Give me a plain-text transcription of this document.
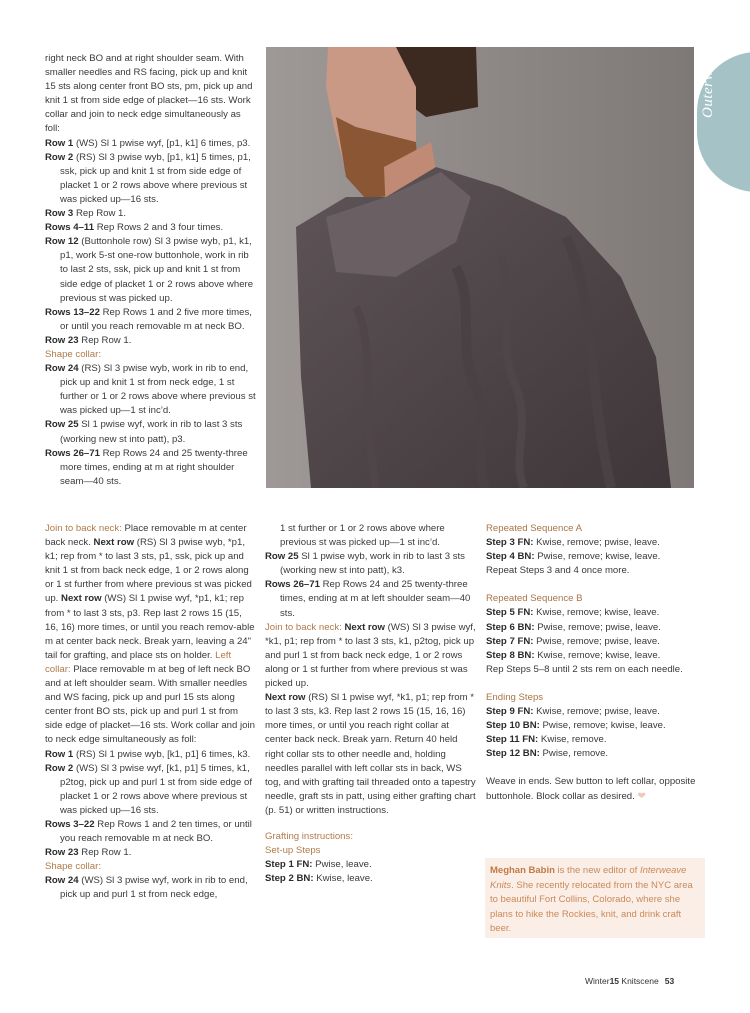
Outerwear

right neck BO and at right shoulder seam. With smaller needles and RS facing, pick up and knit 15 sts along center front BO sts, pm, pick up and knit 1 st from side edge of placket—16 sts. Work collar and join to neck edge simultaneously as foll:

Row 1 (WS) Sl 1 pwise wyf, [p1, k1] 6 times, p3.

Row 2 (RS) Sl 3 pwise wyb, [p1, k1] 5 times, p1, ssk, pick up and knit 1 st from side edge of placket 1 or 2 rows above where previous st was picked up—16 sts.

Row 3 Rep Row 1.

Rows 4–11 Rep Rows 2 and 3 four times.

Row 12 (Buttonhole row) Sl 3 pwise wyb, p1, k1, p1, work 5-st one-row buttonhole, work in rib to last 2 sts, ssk, pick up and knit 1 st from side edge of placket 1 or 2 rows above where previous st was picked up.

Rows 13–22 Rep Rows 1 and 2 five more times, or until you reach removable m at neck BO.

Row 23 Rep Row 1.

Shape collar:

Row 24 (RS) Sl 3 pwise wyb, work in rib to end, pick up and knit 1 st from neck edge, 1 st further or 1 or 2 rows above where previous st was picked up—1 st inc’d.

Row 25 Sl 1 pwise wyf, work in rib to last 3 sts (working new st into patt), p3.

Rows 26–71 Rep Rows 24 and 25 twenty-three more times, ending at m at right shoulder seam—40 sts.

Join to back neck: Place removable m at center back neck. Next row (RS) Sl 3 pwise wyb, *p1, k1; rep from * to last 3 sts, p1, ssk, pick up and knit 1 st from back neck edge, 1 or 2 rows along or 1 st further from where previous st was picked up. Next row (WS) Sl 1 pwise wyf, *p1, k1; rep from * to last 3 sts, p3. Rep last 2 rows 15 (15, 16, 16) more times, or until you reach remov-able m at center back neck. Break yarn, leaving a 24" tail for grafting, and place sts on holder. Left collar: Place removable m at beg of left neck BO and at left shoulder seam. With smaller needles and WS facing, pick up and purl 15 sts along center front BO sts, pick up and purl 1 st from side edge of placket—16 sts. Work collar and join to neck edge simultaneously as foll:

Row 1 (RS) Sl 1 pwise wyb, [k1, p1] 6 times, k3.

Row 2 (WS) Sl 3 pwise wyf, [k1, p1] 5 times, k1, p2tog, pick up and purl 1 st from side edge of placket 1 or 2 rows above where previous st was picked up—16 sts.

Rows 3–22 Rep Rows 1 and 2 ten times, or until you reach removable m at neck BO.

Row 23 Rep Row 1.

Shape collar:

Row 24 (WS) Sl 3 pwise wyf, work in rib to end, pick up and purl 1 st from neck edge,

1 st further or 1 or 2 rows above where previous st was picked up—1 st inc’d.

Row 25 Sl 1 pwise wyb, work in rib to last 3 sts (working new st into patt), k3.

Rows 26–71 Rep Rows 24 and 25 twenty-three times, ending at m at left shoulder seam—40 sts.

Join to back neck: Next row (WS) Sl 3 pwise wyf, *k1, p1; rep from * to last 3 sts, k1, p2tog, pick up and purl 1 st from back neck edge, 1 or 2 rows along or 1 st further from where previous st was picked up.

Next row (RS) Sl 1 pwise wyf, *k1, p1; rep from * to last 3 sts, k3. Rep last 2 rows 15 (15, 16, 16) more times, or until you reach right collar at center back neck. Break yarn. Return 40 held right collar sts to other needle and, holding needles parallel with left collar sts in back, WS tog, and with grafting tail threaded onto a tapestry needle, graft sts in patt, using either grafting chart (p. 51) or written instructions.

Grafting instructions:

Set-up Steps

Step 1 FN: Pwise, leave.

Step 2 BN: Kwise, leave.

Repeated Sequence A

Step 3 FN: Kwise, remove; pwise, leave.

Step 4 BN: Pwise, remove; kwise, leave.

Repeat Steps 3 and 4 once more.

Repeated Sequence B

Step 5 FN: Kwise, remove; kwise, leave.

Step 6 BN: Pwise, remove; pwise, leave.

Step 7 FN: Pwise, remove; pwise, leave.

Step 8 BN: Kwise, remove; kwise, leave.

Rep Steps 5–8 until 2 sts rem on each needle.

Ending Steps

Step 9 FN: Kwise, remove; pwise, leave.

Step 10 BN: Pwise, remove; kwise, leave.

Step 11 FN: Kwise, remove.

Step 12 BN: Pwise, remove.

Weave in ends. Sew button to left collar, opposite buttonhole. Block collar as desired. ❤

Meghan Babin is the new editor of Interweave Knits. She recently relocated from the NYC area to beautiful Fort Collins, Colorado, where she plans to hike the Rockies, knit, and drink craft beer.
Winter15 Knitscene 53
